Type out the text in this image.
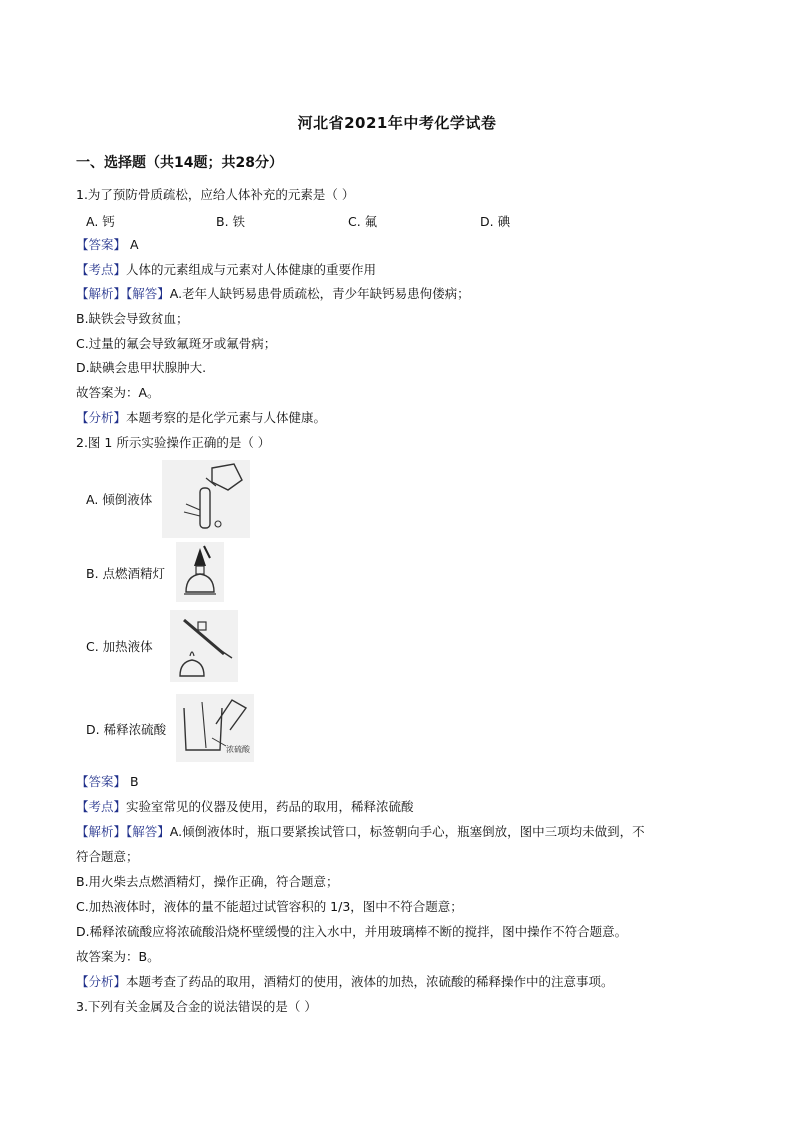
河北省2021年中考化学试卷
一、选择题（共14题；共28分）
1.为了预防骨质疏松，应给人体补充的元素是（ ）
A. 钙	B. 铁	C. 氟	D. 碘
【答案】 A
【考点】人体的元素组成与元素对人体健康的重要作用
【解析】【解答】A.老年人缺钙易患骨质疏松，青少年缺钙易患佝偻病；
B.缺铁会导致贫血；
C.过量的氟会导致氟斑牙或氟骨病；
D.缺碘会患甲状腺肿大.
故答案为：A。
【分析】本题考察的是化学元素与人体健康。
2.图 1 所示实验操作正确的是（ ）
A. 倾倒液体
B. 点燃酒精灯
C. 加热液体
D. 稀释浓硫酸
浓硫酸
【答案】 B
【考点】实验室常见的仪器及使用，药品的取用，稀释浓硫酸
【解析】【解答】A.倾倒液体时，瓶口要紧挨试管口，标签朝向手心，瓶塞倒放，图中三项均未做到，不
符合题意；
B.用火柴去点燃酒精灯，操作正确，符合题意；
C.加热液体时，液体的量不能超过试管容积的 1/3，图中不符合题意；
D.稀释浓硫酸应将浓硫酸沿烧杯壁缓慢的注入水中，并用玻璃棒不断的搅拌，图中操作不符合题意。
故答案为：B。
【分析】本题考查了药品的取用，酒精灯的使用，液体的加热，浓硫酸的稀释操作中的注意事项。
3.下列有关金属及合金的说法错误的是（ ）
